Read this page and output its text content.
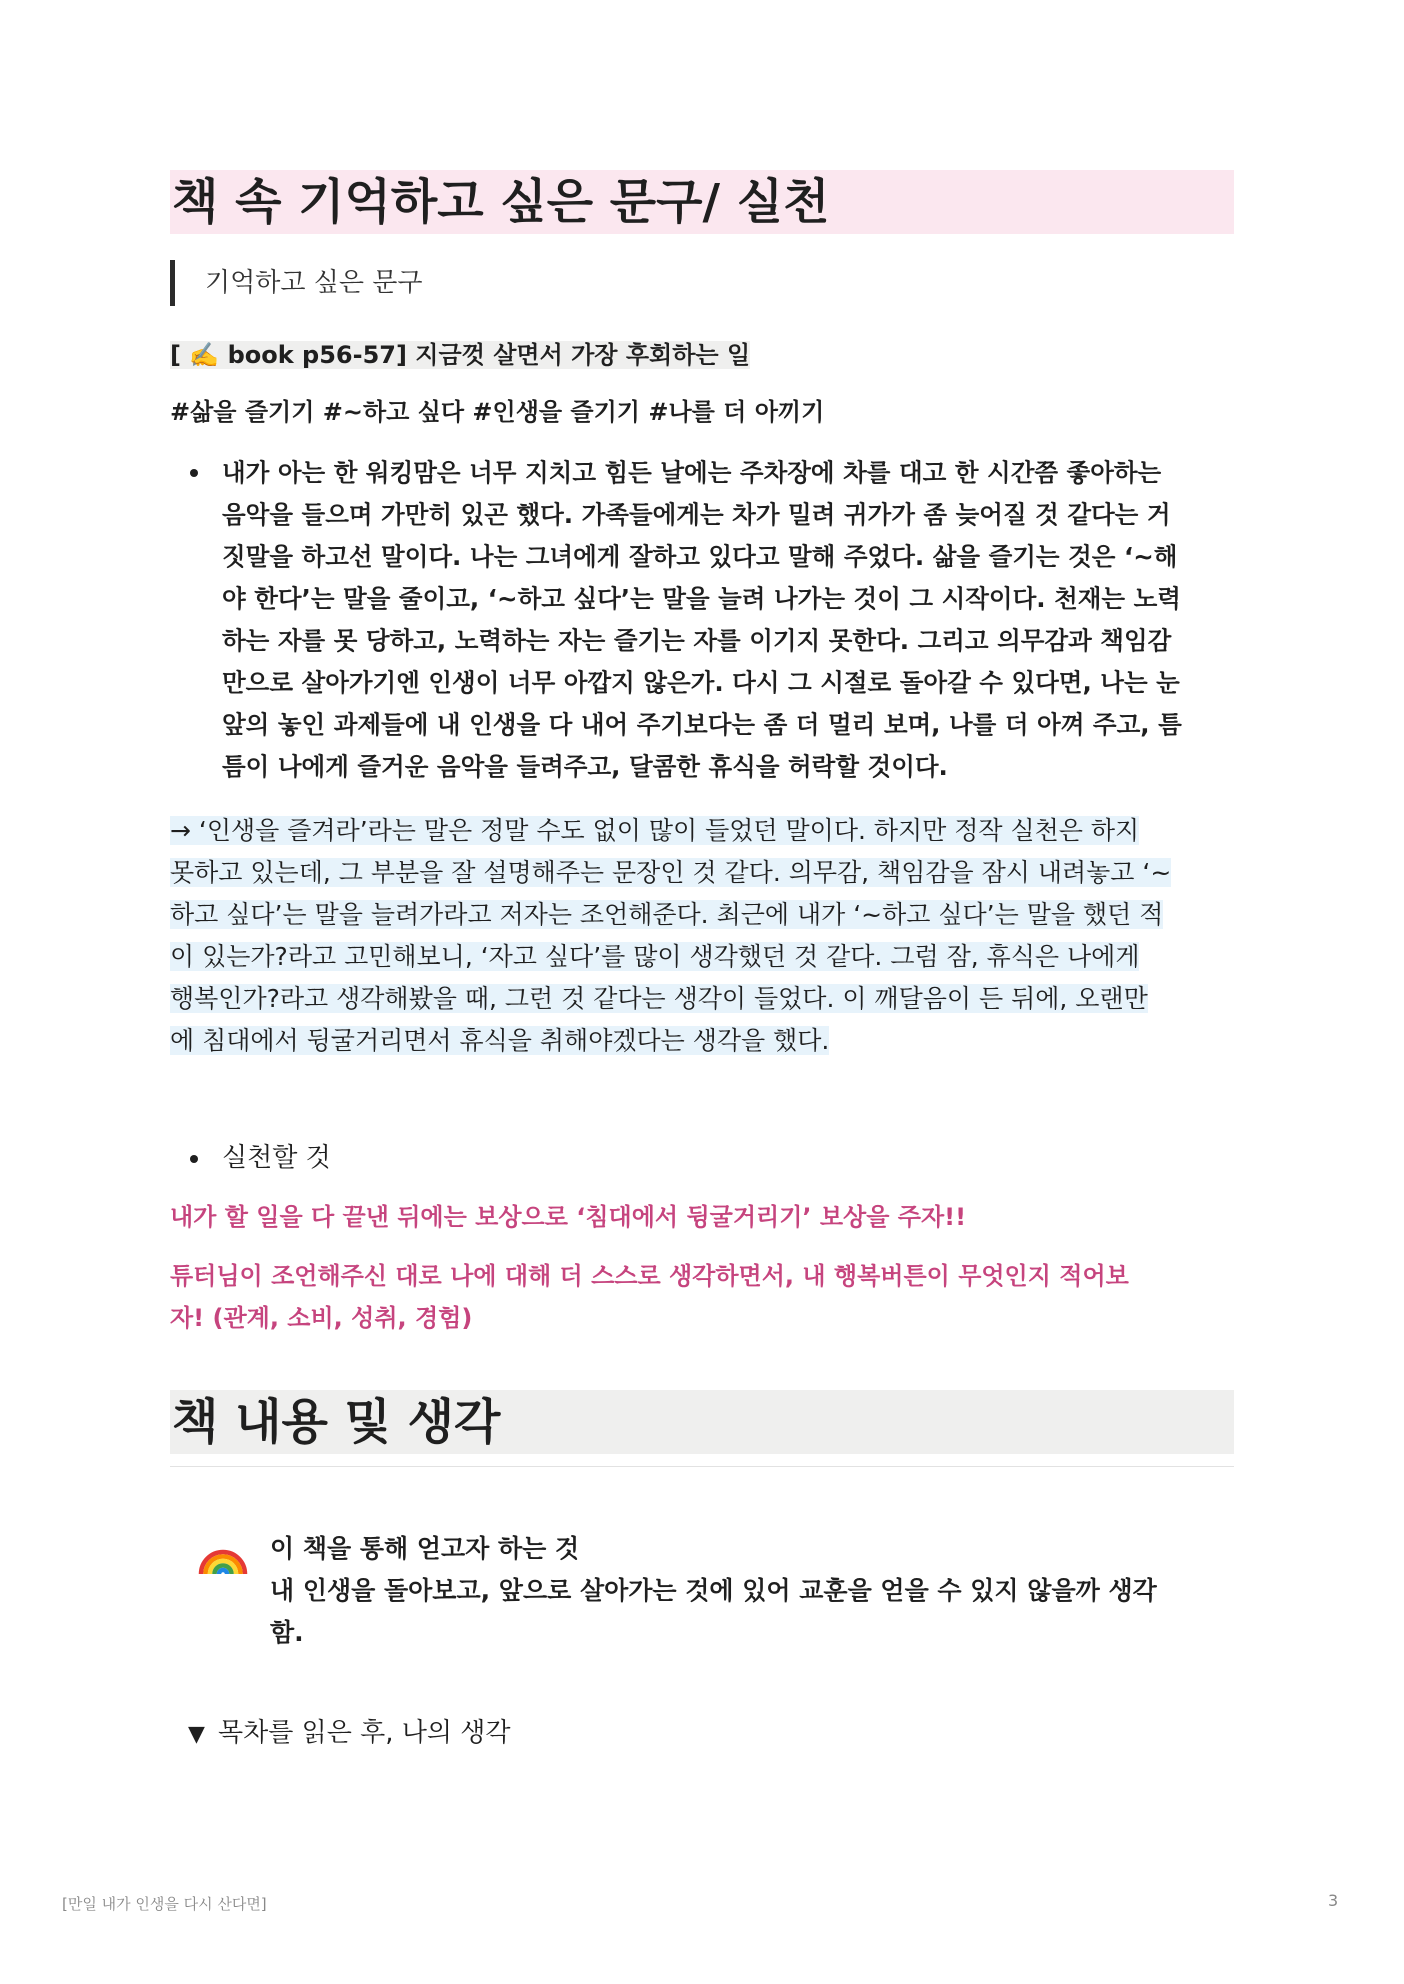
책 속 기억하고 싶은 문구/ 실천
기억하고 싶은 문구
[ ✍️ book p56-57] 지금껏 살면서 가장 후회하는 일
#삶을 즐기기 #~하고 싶다 #인생을 즐기기 #나를 더 아끼기
내가 아는 한 워킹맘은 너무 지치고 힘든 날에는 주차장에 차를 대고 한 시간쯤 좋아하는
음악을 들으며 가만히 있곤 했다. 가족들에게는 차가 밀려 귀가가 좀 늦어질 것 같다는 거
짓말을 하고선 말이다. 나는 그녀에게 잘하고 있다고 말해 주었다. 삶을 즐기는 것은 ‘~해
야 한다’는 말을 줄이고, ‘~하고 싶다’는 말을 늘려 나가는 것이 그 시작이다. 천재는 노력
하는 자를 못 당하고, 노력하는 자는 즐기는 자를 이기지 못한다. 그리고 의무감과 책임감
만으로 살아가기엔 인생이 너무 아깝지 않은가. 다시 그 시절로 돌아갈 수 있다면, 나는 눈
앞의 놓인 과제들에 내 인생을 다 내어 주기보다는 좀 더 멀리 보며, 나를 더 아껴 주고, 틈
틈이 나에게 즐거운 음악을 들려주고, 달콤한 휴식을 허락할 것이다.
→ ‘인생을 즐겨라’라는 말은 정말 수도 없이 많이 들었던 말이다. 하지만 정작 실천은 하지
못하고 있는데, 그 부분을 잘 설명해주는 문장인 것 같다. 의무감, 책임감을 잠시 내려놓고 ‘~
하고 싶다’는 말을 늘려가라고 저자는 조언해준다. 최근에 내가 ‘~하고 싶다’는 말을 했던 적
이 있는가?라고 고민해보니, ‘자고 싶다’를 많이 생각했던 것 같다. 그럼 잠, 휴식은 나에게
행복인가?라고 생각해봤을 때, 그런 것 같다는 생각이 들었다. 이 깨달음이 든 뒤에, 오랜만
에 침대에서 뒹굴거리면서 휴식을 취해야겠다는 생각을 했다.
실천할 것
내가 할 일을 다 끝낸 뒤에는 보상으로 ‘침대에서 뒹굴거리기’ 보상을 주자!!
튜터님이 조언해주신 대로 나에 대해 더 스스로 생각하면서, 내 행복버튼이 무엇인지 적어보
자! (관계, 소비, 성취, 경험)
책 내용 및 생각
이 책을 통해 얻고자 하는 것
내 인생을 돌아보고, 앞으로 살아가는 것에 있어 교훈을 얻을 수 있지 않을까 생각
함.
▼ 목차를 읽은 후, 나의 생각
[만일 내가 인생을 다시 산다면]	3
